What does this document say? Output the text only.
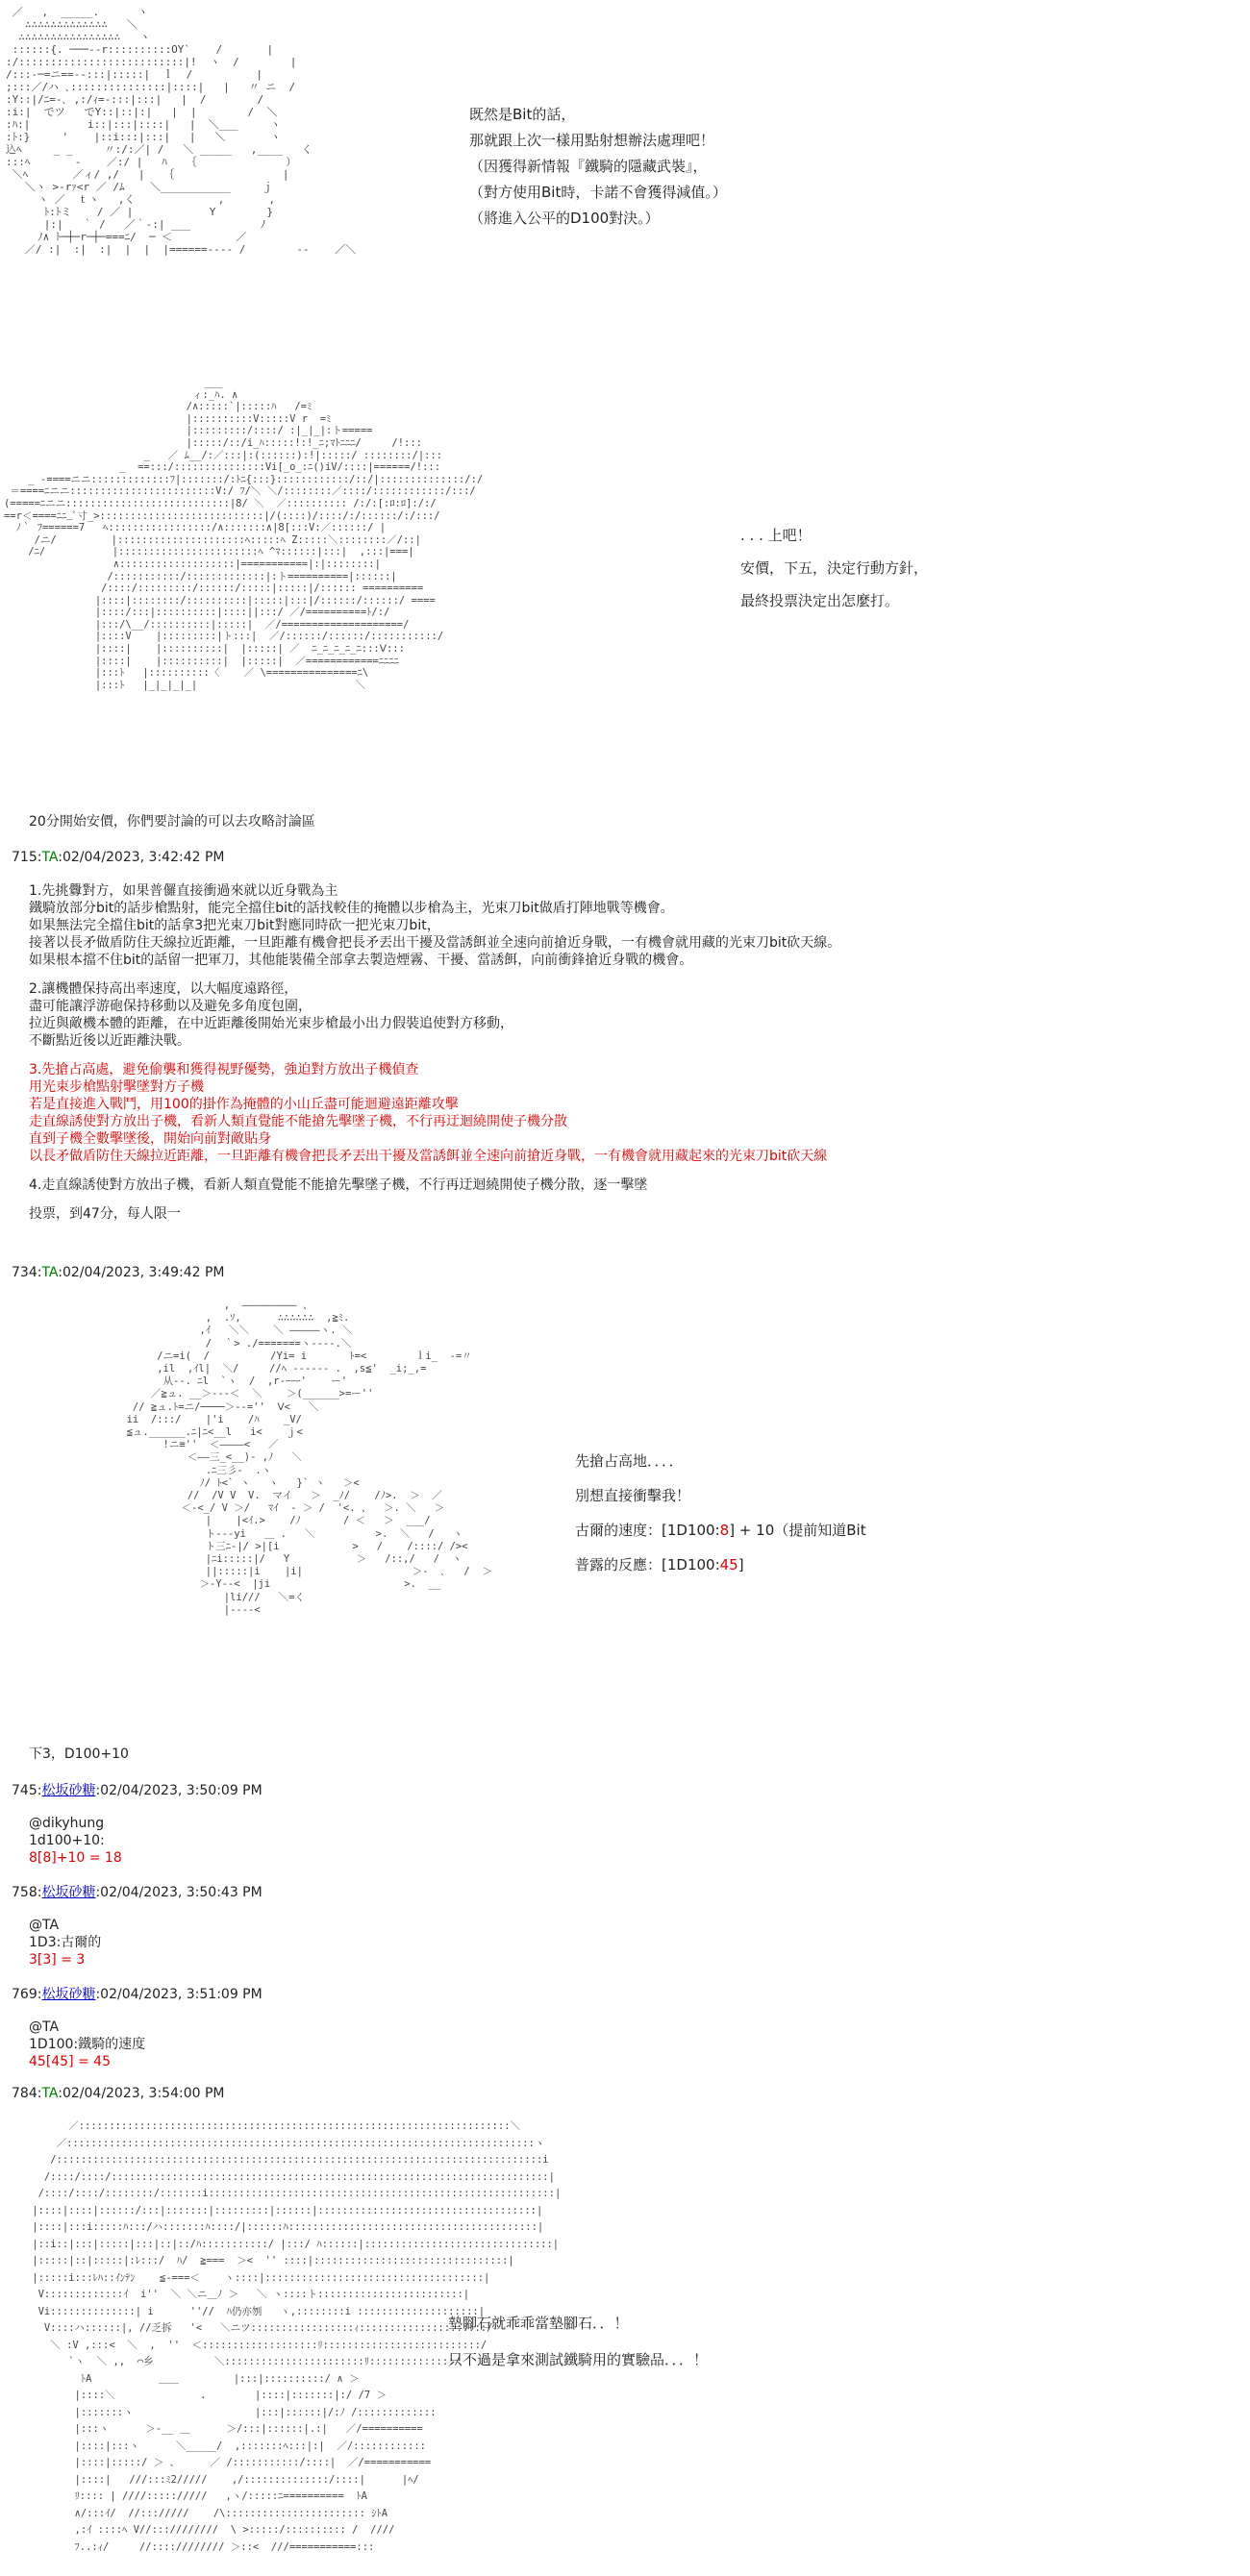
／   ,  _____.      ヽ
∴∴∴∴∴∴∴∴∴∴∴∴∴   ＼
∴∴∴∴∴∴∴∴∴∴∴∴∴∴∴∴   ヽ
::::::{. ───--r::::::::::OY`    /       |
:/::::::::::::::::::::::::::|!  ヽ  /        |
/:::-─=ニ==--:::|:::::|  ｌ  /          |
;:::／/ハ ､:::::::::::::::|::::|   |   〃 ニ  /
:Y::|/ﾆ=-､ ,:/ｨ=-:::|:::|   |  /        /
:i:|  でツ   でY::|::|:|   |  |        /  ＼
:ﾊ:|         i::|:::|::::|   |  ＼___     ヽ
:ﾄ:}     '    |::i:::|:::|   |   ＼       ヽ
込ﾍ     _ _     〃:/:／| /   ＼ _____   ,____   く
:::ﾍ       ‐    ／:/ |   ﾊ   ｛              ）
＼ﾍ       ／ィ/ ,/   |   ｛                 |
＼ヽ >-rｧ<r ／ /ﾑ    ＼___________     ｊ
ヽ ／  ｔヽ   ,く             ,       ,
ﾄ:ﾄミ    / ／ |            Y        }
|:|   ｀ /   ／｀-:| ___           ﾉ
ﾉ∧ ﾄ─┼─r─┼─===ﾆ/  ─ ＜          ／
／/ :|  :|  :|  |  |  |======‐‐‐‐ /        ‐‐    ／＼
既然是Bit的話，
那就跟上次一樣用點射想辦法處理吧！
（因獲得新情報『鐵騎的隱藏武裝』，
（對方使用Bit時，卡諾不會獲得減值。）
（將進入公平的D100對決。）
___
ィ:_ﾊ. ∧
/∧:::::`|:::::ﾊ   /=ﾐ
|::::::::::V:::::V r  =ﾐ
|:::::::::/::::/ :|_|_|:ト=====
|:::::/::/i_ﾊ:::::!:!_ﾆ;ﾏﾄﾆﾆﾆ/     /!:::
_   ／ ﾑ__/:／:::|:(::::::):!|:::::/ ::::::::/|:::
_  ==:::/:::::::::::::::Vi[_o_:ﾆ()iV/::::|======/!:::
_ -====ニニ:::::::::::::ﾌ|:::::::/:ﾄﾆ{:::}::::::::::::/::/|::::::::::::::/:/
＝====ﾆニニ::::::::::::::::::::::::V:/ ﾌ/＼ ＼/::::::::／::::/::::::::::::/:::/
(=====ﾆニニ:::::::::::::::::::::::::::|8/ ＼  ／:::::::::: /:/:[:ﾛ:ﾛ]:/:/
==r＜====ﾆﾆ_ﾞ寸_>:::::::::::::::::::::::::::|/(::::)/::::/:/::::::/:/:::/
ﾉ｀ ﾌ======7   ﾍ:::::::::::::::::/∧:::::::∧|8[:::V:／::::::/ |
/ニ/         |:::::::::::::::::::::ﾍ:::::ﾍ Z:::::＼::::::::／/::|
/ﾆ/           |:::::::::::::::::::::::ﾍ ^ﾏ::::::|:::|  ,:::|===|
∧:::::::::::::::::::|===========|:|::::::::|
/:::::::::::/:::::::::::::|:ト==========|::::::|
/::::/:::::::::/::::::/:::::|:::::|/:::::: ==========
|::::|::::::::/::::::::::|:::::|:::|/::::::/::::::/ ====
|::::/:::|::::::::::|::::||:::/ ／/==========ﾄ/:/
|:::/\__/::::::::::|:::::|  ／/====================/
|::::V    |:::::::::|ト:::|  ／/::::::/::::::/:::::::::::/
|::::|    |::::::::::|  |:::::| ／  ﾆ_ﾆ_ﾆ_ﾆ_ﾆ:::Ⅴ:::
|::::|    |::::::::::|  |:::::|  ／============ﾆﾆﾆﾆ
|:::ﾄ   |::::::::::〈    ／ \===============ﾆ\
|:::ﾄ   |_|_|_|_|                          ＼
. . . 上吧！
安價，下五，決定行動方針，
最終投票決定出怎麼打。
20分開始安價，你們要討論的可以去攻略討論區
715:TA:02/04/2023, 3:42:42 PM
1.先挑釁對方，如果普儸直接衝過來就以近身戰為主
鐵騎放部分bit的話步槍點射，能完全擋住bit的話找較佳的掩體以步槍為主，光束刀bit做盾打陣地戰等機會。
如果無法完全擋住bit的話拿3把光束刀bit對應同時砍一把光束刀bit，
接著以長矛做盾防住天線拉近距離，一旦距離有機會把長矛丟出干擾及當誘餌並全速向前搶近身戰，一有機會就用藏的光束刀bit砍天線。
如果根本擋不住bit的話留一把軍刀，其他能裝備全部拿去製造煙霧、干擾、當誘餌，向前衝鋒搶近身戰的機會。
2.讓機體保持高出率速度，以大幅度遠路徑，
盡可能讓浮游砲保持移動以及避免多角度包圍，
拉近與敵機本體的距離，在中近距離後開始光束步槍最小出力假裝追使對方移動，
不斷點近後以近距離決戰。
3.先搶占高處，避免偷襲和獲得視野優勢，強迫對方放出子機偵查
用光束步槍點射擊墜對方子機
若是直接進入戰鬥，用100的掛作為掩體的小山丘盡可能迴避遠距離攻擊
走直線誘使對方放出子機，看新人類直覺能不能搶先擊墜子機，不行再迂迴繞開使子機分散
直到子機全數擊墜後，開始向前對敵貼身
以長矛做盾防住天線拉近距離，一旦距離有機會把長矛丟出干擾及當誘餌並全速向前搶近身戰，一有機會就用藏起來的光束刀bit砍天線
4.走直線誘使對方放出子機，看新人類直覺能不能搶先擊墜子機，不行再迂迴繞開使子機分散，逐一擊墜
投票，到47分，每人限一
734:TA:02/04/2023, 3:49:42 PM
,  ――――――――― 、
,  .ｿ,      ∴∴∴∴∴∴  ,≧ﾐ.
,ｲ   ＼＼    ＼ ―――――ヽ. ＼
/  ｀> ./=======ヽ----.＼
/ニ=i(  /          /Yi= i       ﾄ=<        ｌi_  ‐=〃
,il  ,ｲl|  ＼/     //ﾍ ------ .  ,s≦'  _i;_,=
从--. ﾆl  `ヽ  /  ,r-ｰｰｰ'    ー'
／≧ュ. __＞---＜  ＼    ＞(______>=ー''
// ≧ュ.ﾄ=ニ/────＞--=''  Ⅴ<   ＼
ii  /:::/    |'i    /ﾊ    _V/
≦ュ.______.ﾆ|ﾆ<__l   i<    ｊ<
!ニ≡''  ＜――――<   ／
＜――三_<__)- ,ﾉ   ＼
.ﾆ三彡-  .ヽ
ﾉ/ ﾄ<` ヽ   ヽ   }` ヽ   ＞<
//  /V V  V.  マイ   ＞  _ﾉ/    /ﾉ>.  ＞  ／
＜-<_/ V ＞/   ﾏｲ  - ＞ /  '<. 、  ＞. ＼   ＞
|    |<ｲ.>    /ﾉ       / ＜   ＞  ___/
ト---yi   ＿ .   ＼          >.  ＼   /   ヽ
ト三ﾆ-|/ >|[i            >   /    /::::/ /><
|ﾆi:::::|/   Y           ＞   /::,/   /  ヽ
||:::::|i    |i|                  ＞-  ､   /  ＞
＞-Y‐‐<  |ji                      >.  __
|li///   ＼=く
|----<
先搶占高地．．．．
別想直接衝擊我！
古爾的速度：[1D100:8] + 10（提前知道Bit
普露的反應：[1D100:45]
下3，D100+10
745:松坂砂糖:02/04/2023, 3:50:09 PM
@dikyhung
1d100+10:
8[8]+10 = 18
758:松坂砂糖:02/04/2023, 3:50:43 PM
@TA
1D3:古爾的
3[3] = 3
769:松坂砂糖:02/04/2023, 3:51:09 PM
@TA
1D100:鐵騎的速度
45[45] = 45
784:TA:02/04/2023, 3:54:00 PM
／:::::::::::::::::::::::::::::::::::::::::::::::::::::::::::::::::::::::＼
／:::::::::::::::::::::::::::::::::::::::::::::::::::::::::::::::::::::::::::::ヽ
/::::::::::::::::::::::::::::::::::::::::::::::::::::::::::::::::::::::::::::::::i
/::::/::::/::::::::::::::::::::::::::::::::::::::::::::::::::::::::::::::::::::::::|
/::::/::::/::::::::/:::::::i:::::::::::::::::::::::::::::::::::::::::::::::::::::::::|
|::::|::::|::::::/:::|:::::::|:::::::::|::::::|::::::::::::::::::::::::::::::::::::|
|::::|:::i:::::ﾊ:::/ハ:::::::ﾊ::::/|::::::ﾊ:::::::::::::::::::::::::::::::::::::::::|
|::i::|:::|:::::|:::|::|::/ﾊ:::::::::::/ |:::/ ﾊ::::::|:::::::::::::::::::::::::::::::|
|:::::|::|:::::|:ﾚ:::/  ﾊ/  ≧===  ＞<  '' ::::|::::::::::::::::::::::::::::::::|
|:::::i:::ﾚﾊ::ｲﾝﾃﾝ    ≦-===＜    ヽ::::|::::::::::::::::::::::::::::::::::::|
V:::::::::::::ｲ  i''  ＼ ＼ニ＿ﾉ ＞   ＼ ヽ::::ト::::::::::::::::::::::::|
Vi::::::::::::::| i      ''//  ﾊ仍亦刎   ヽ,::::::::i ::::::::::::::::::::|
V::::ハ::::::|, //乏拆   '<   ＼ニツ:::::::::::::::::ｨ:::::::::::::::::::::/
＼ :V ,:::<  ＼  ,  ''  ＜:::::::::::::::::::ﾘ::::::::::::::::::::::::::/
`ヽ  ＼ ,,  ⌒乡          ＼:::::::::::::::::::::::ﾘ::::::::::::::/
ﾄA           ＿＿         |:::|::::::::::/ ∧ ＞
|::::＼              .        |::::|:::::::|:/ /7 ＞
|:::::::ヽ                    |:::|::::::|/:ﾉ /:::::::::::::
|:::ヽ      ＞-__ ＿      ＞/:::|::::::|.:|   ／/==========
|::::|:::ヽ      ＼_____/  ,:::::::ﾍ:::|:|  ／/::::::::::::
|::::|:::::/ ＞ 、     ／ /:::::::::::/::::|  ／/===========
|::::|   ///:::ﾐ2/////    ,/::::::::::::::/::::|      |ﾍ/
ﾘ:::: | ////::::://///   ,ヽ/:::::ﾆ==========  ﾄA
∧/:::ｲ/  //::://///    /\::::::::::::::::::::::: ｼﾄA
,:ｲ ::::ﾍ V//:::////////  \ >:::::/:::::::::: /  ////
ﾌ..:ｨ/     //:::://////// ＞::<  ///===========:::
墊腳石就乖乖當墊腳石．．！
只不過是拿來測試鐵騎用的實驗品．．．！
